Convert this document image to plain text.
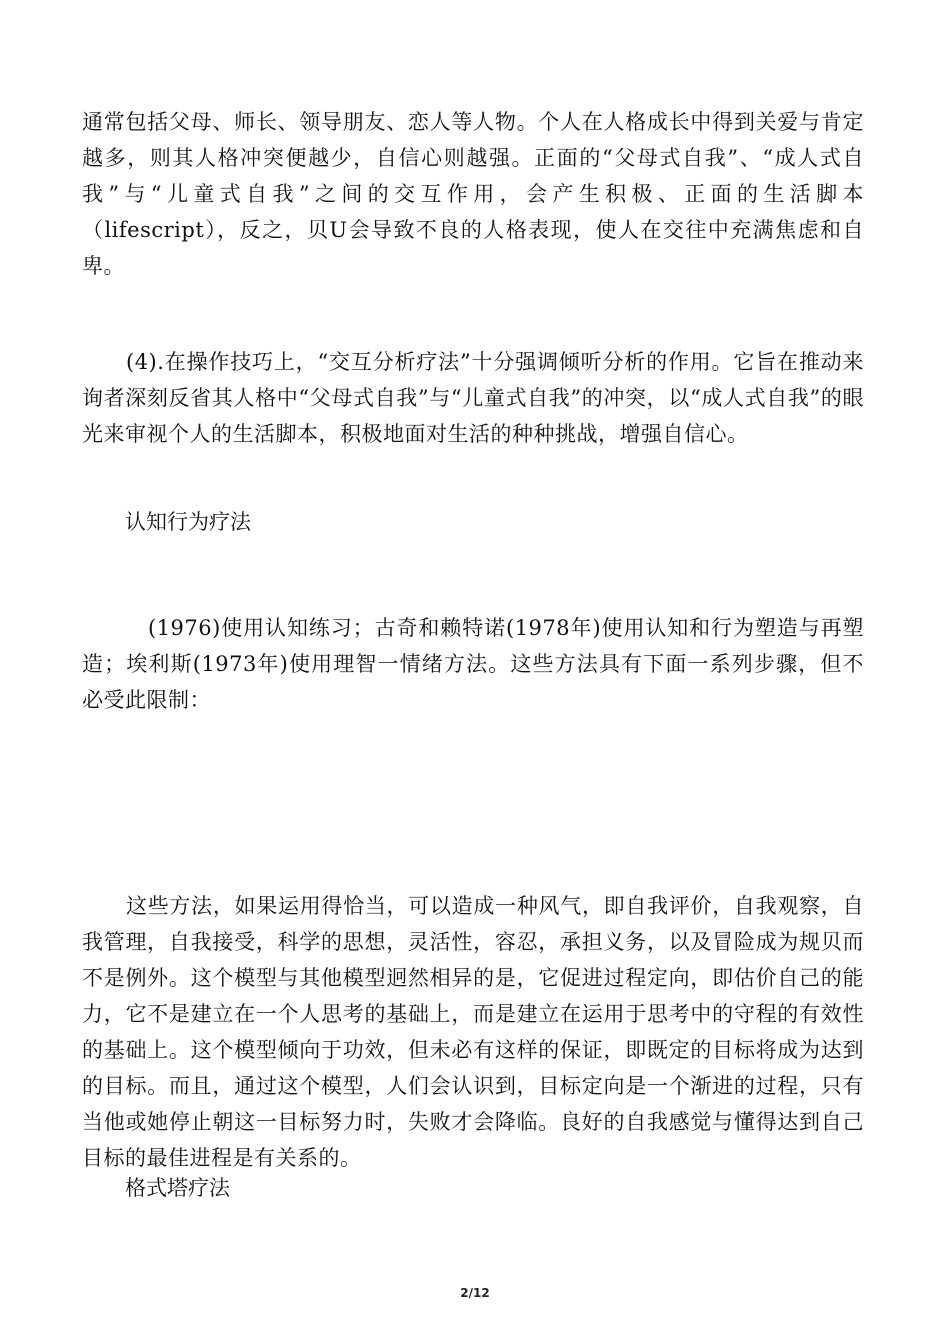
通常包括父母、师长、领导朋友、恋人等人物。个人在人格成长中得到关爱与肯定越多，则其人格冲突便越少，自信心则越强。正面的“父母式自我”、“成人式自我”与“儿童式自我”之间的交互作用，会产生积极、正面的生活脚本（lifescript），反之，贝U会导致不良的人格表现，使人在交往中充满焦虑和自卑。

(4).在操作技巧上，“交互分析疗法”十分强调倾听分析的作用。它旨在推动来询者深刻反省其人格中“父母式自我”与“儿童式自我”的冲突，以“成人式自我”的眼光来审视个人的生活脚本，积极地面对生活的种种挑战，增强自信心。

认知行为疗法

(1976)使用认知练习；古奇和赖特诺(1978年)使用认知和行为塑造与再塑造；埃利斯(1973年)使用理智一情绪方法。这些方法具有下面一系列步骤，但不必受此限制：

这些方法，如果运用得恰当，可以造成一种风气，即自我评价，自我观察，自我管理，自我接受，科学的思想，灵活性，容忍，承担义务，以及冒险成为规贝而不是例外。这个模型与其他模型迥然相异的是，它促进过程定向，即估价自己的能力，它不是建立在一个人思考的基础上，而是建立在运用于思考中的守程的有效性的基础上。这个模型倾向于功效，但未必有这样的保证，即既定的目标将成为达到的目标。而且，通过这个模型，人们会认识到，目标定向是一个渐进的过程，只有当他或她停止朝这一目标努力时，失败才会降临。良好的自我感觉与懂得达到自己目标的最佳进程是有关系的。

格式塔疗法

2/12
